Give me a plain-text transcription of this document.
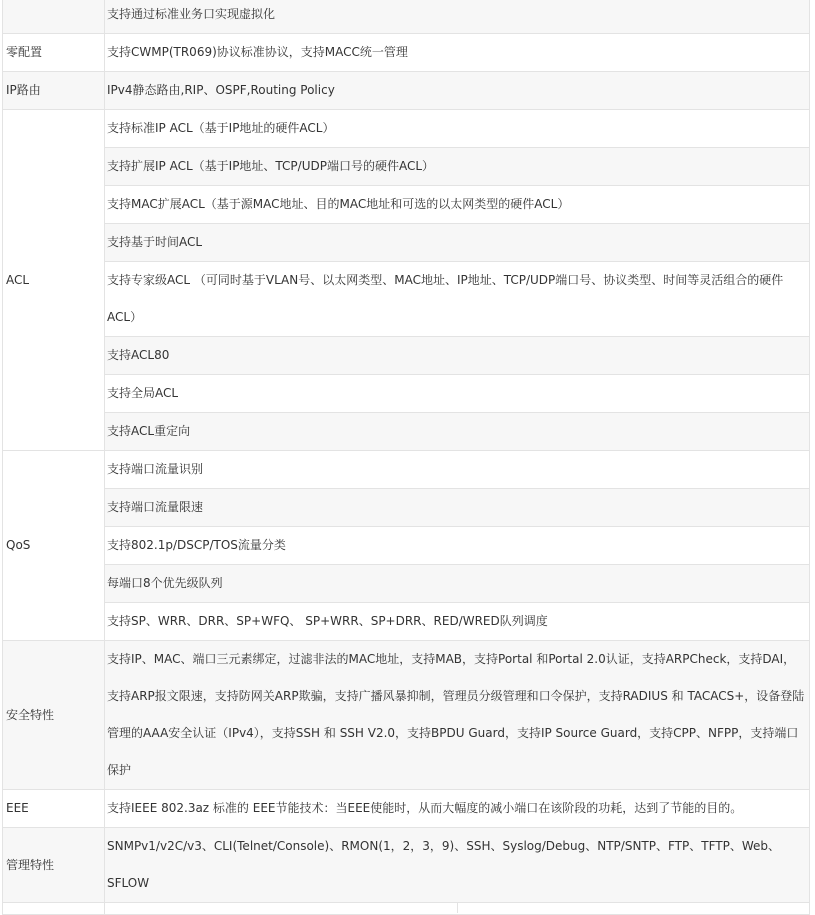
	支持通过标准业务口实现虚拟化
零配置	支持CWMP(TR069)协议标准协议，支持MACC统一管理
IP路由	IPv4静态路由,RIP、OSPF,Routing Policy
ACL	支持标准IP ACL（基于IP地址的硬件ACL）
	支持扩展IP ACL（基于IP地址、TCP/UDP端口号的硬件ACL）
	支持MAC扩展ACL（基于源MAC地址、目的MAC地址和可选的以太网类型的硬件ACL）
	支持基于时间ACL
	支持专家级ACL （可同时基于VLAN号、以太网类型、MAC地址、IP地址、TCP/UDP端口号、协议类型、时间等灵活组合的硬件ACL）
	支持ACL80
	支持全局ACL
	支持ACL重定向
QoS	支持端口流量识别
	支持端口流量限速
	支持802.1p/DSCP/TOS流量分类
	每端口8个优先级队列
	支持SP、WRR、DRR、SP+WFQ、 SP+WRR、SP+DRR、RED/WRED队列调度
安全特性	支持IP、MAC、端口三元素绑定，过滤非法的MAC地址，支持MAB，支持Portal 和Portal 2.0认证，支持ARPCheck，支持DAI，支持ARP报文限速，支持防网关ARP欺骗，支持广播风暴抑制，管理员分级管理和口令保护，支持RADIUS 和 TACACS+，设备登陆管理的AAA安全认证（IPv4），支持SSH 和 SSH V2.0，支持BPDU Guard，支持IP Source Guard，支持CPP、NFPP，支持端口保护
EEE	支持IEEE 802.3az 标准的 EEE节能技术：当EEE使能时，从而大幅度的减小端口在该阶段的功耗，达到了节能的目的。
管理特性	SNMPv1/v2C/v3、CLI(Telnet/Console)、RMON(1，2，3，9)、SSH、Syslog/Debug、NTP/SNTP、FTP、TFTP、Web、SFLOW
